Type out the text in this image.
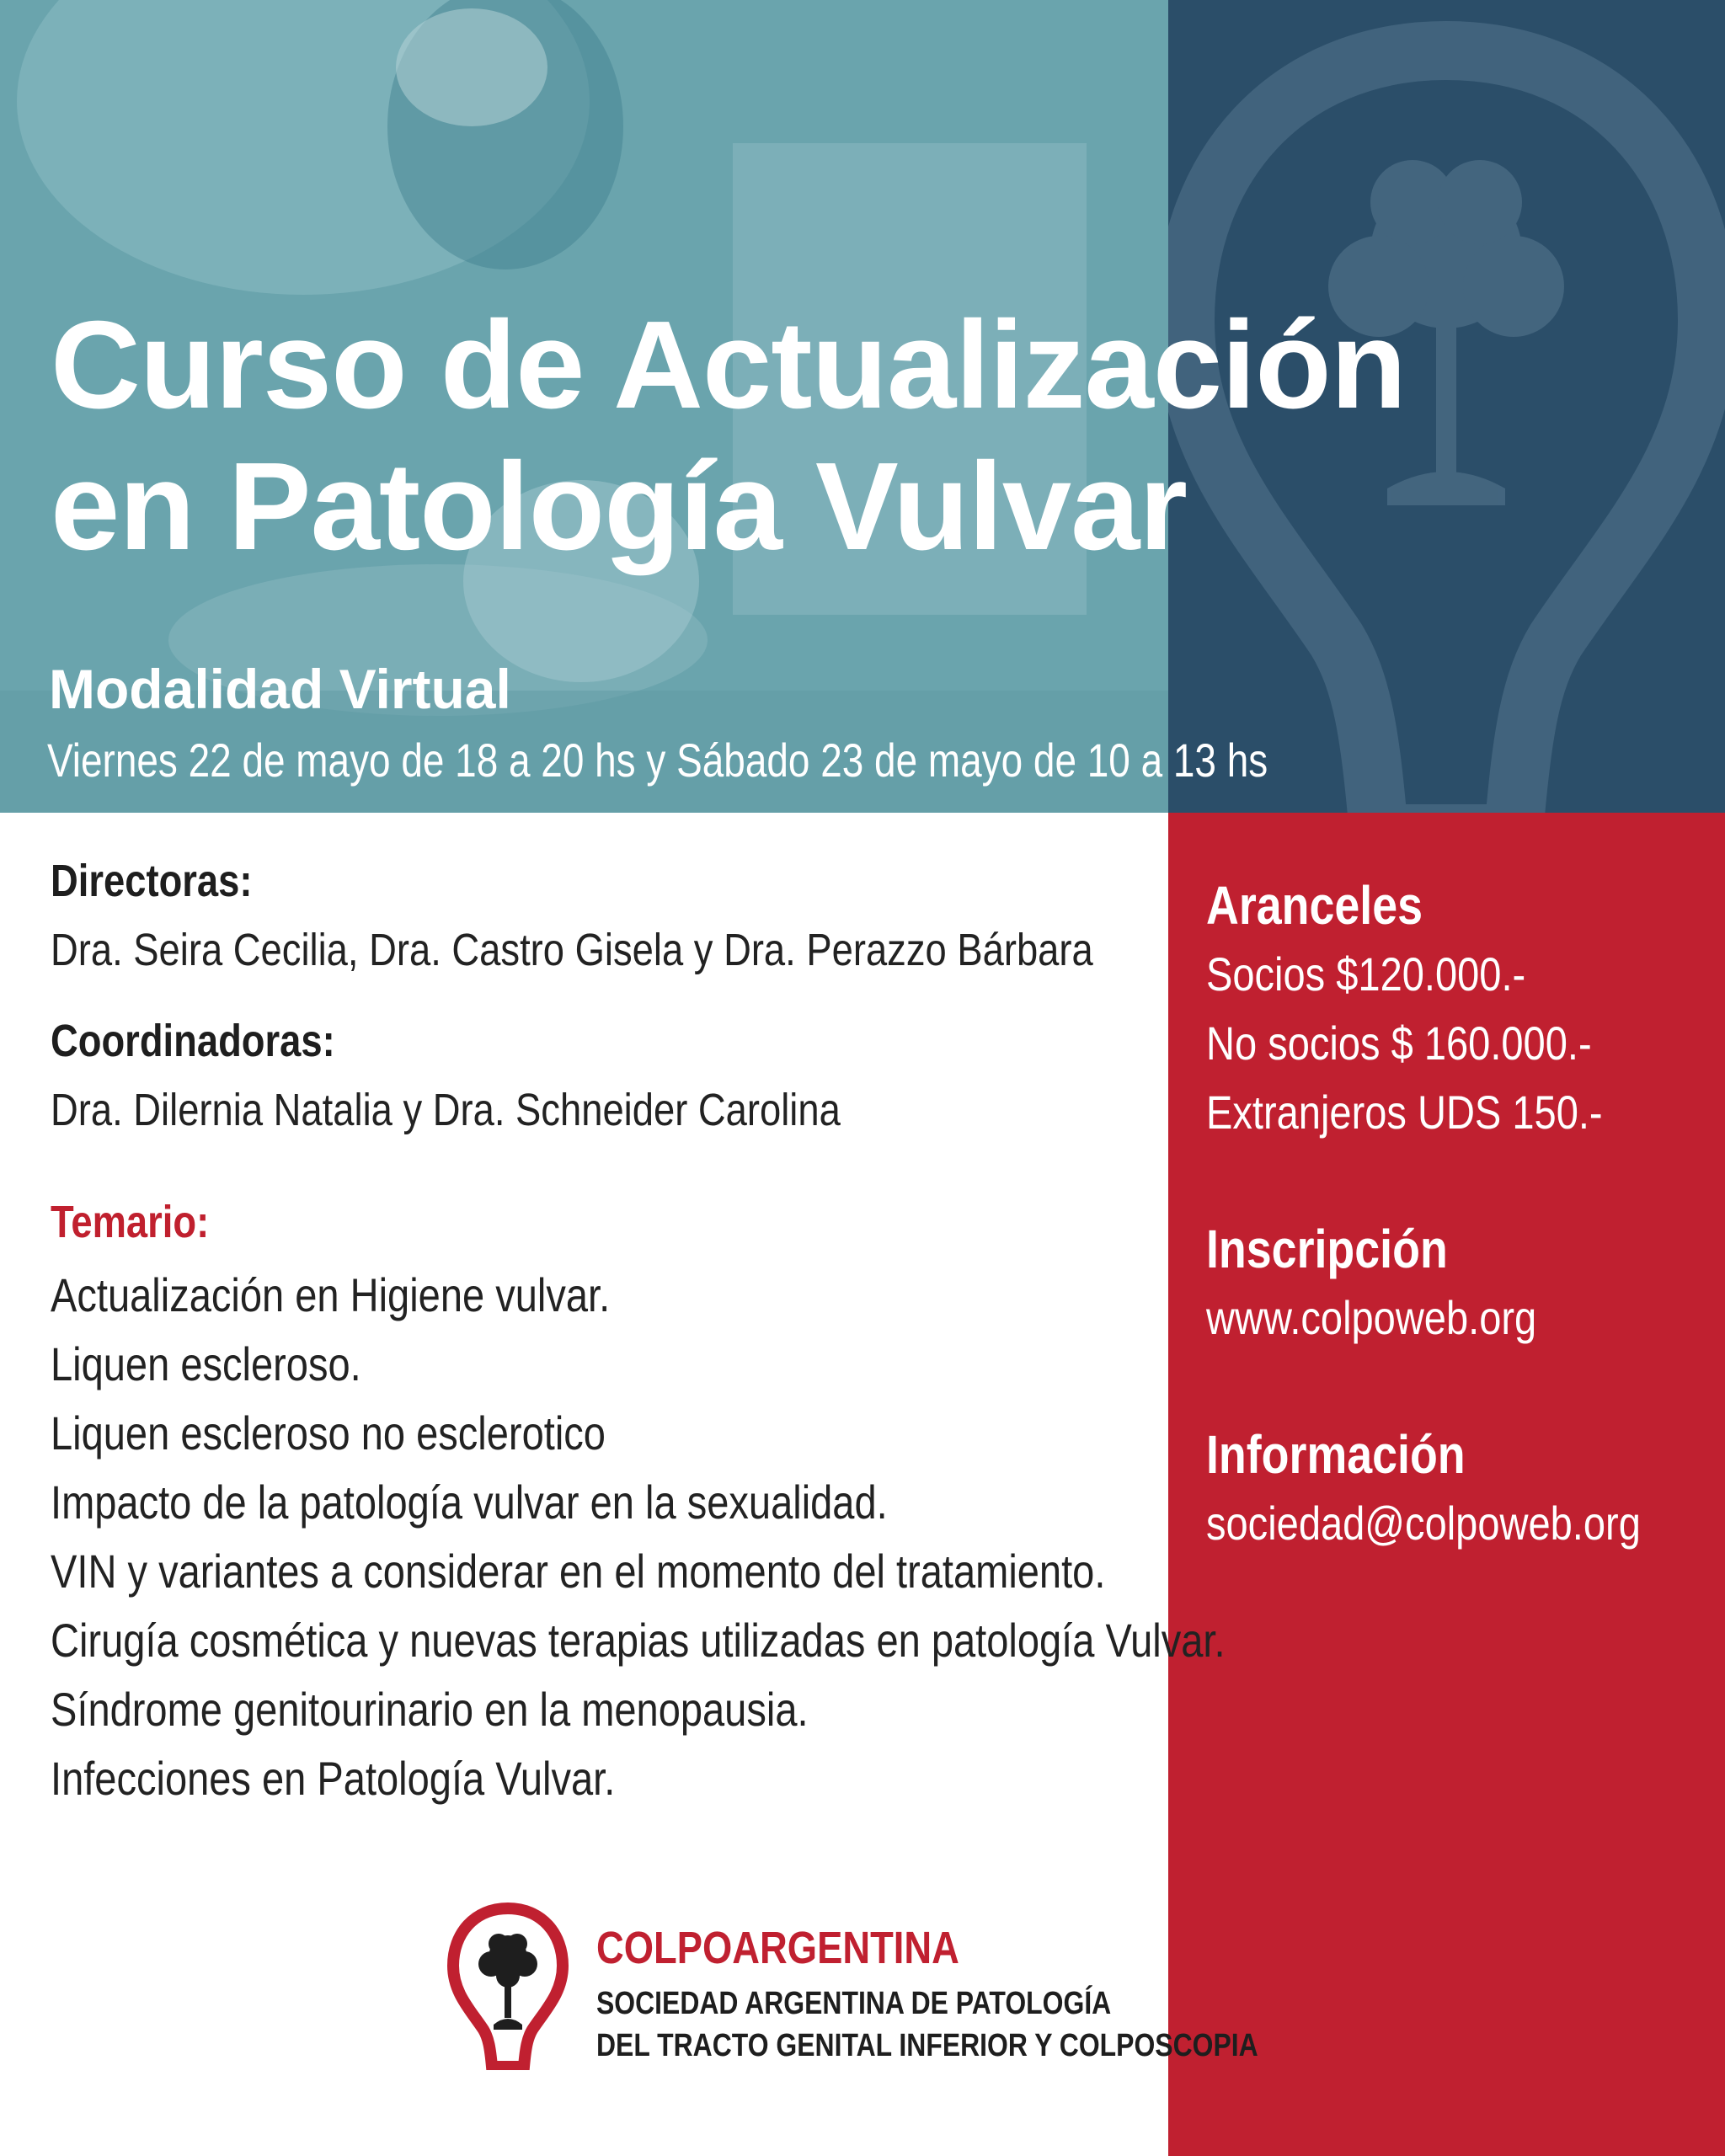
Curso de Actualización
en Patología Vulvar
Modalidad Virtual
Viernes 22 de mayo de 18 a 20 hs y Sábado 23 de mayo de 10 a 13 hs
Directoras:
Dra. Seira Cecilia, Dra. Castro Gisela y Dra. Perazzo Bárbara
Coordinadoras:
Dra. Dilernia Natalia y Dra. Schneider Carolina
Temario:
Actualización en Higiene vulvar.
Liquen escleroso.
Liquen escleroso no esclerotico
Impacto de la patología vulvar en la sexualidad.
VIN y variantes a considerar en el momento del tratamiento.
Cirugía cosmética y nuevas terapias utilizadas en patología Vulvar.
Síndrome genitourinario en la menopausia.
Infecciones en Patología Vulvar.
Aranceles
Socios $120.000.-
No socios $ 160.000.-
Extranjeros UDS 150.-
Inscripción
www.colpoweb.org
Información
sociedad@colpoweb.org
COLPOARGENTINA
SOCIEDAD ARGENTINA DE PATOLOGÍA
DEL TRACTO GENITAL INFERIOR Y COLPOSCOPIA
